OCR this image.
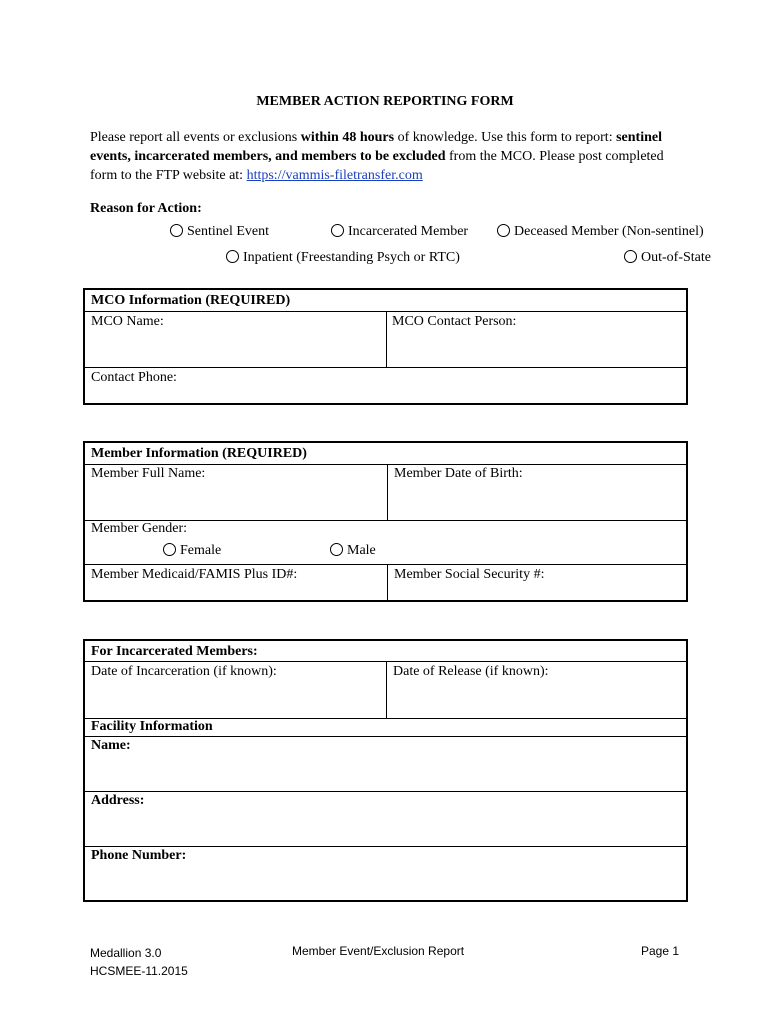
MEMBER ACTION REPORTING FORM
Please report all events or exclusions within 48 hours of knowledge. Use this form to report: sentinel events, incarcerated members, and members to be excluded from the MCO. Please post completed form to the FTP website at: https://vammis-filetransfer.com
Reason for Action:
Sentinel Event	Incarcerated Member	Deceased Member (Non-sentinel)
Inpatient (Freestanding Psych or RTC)	Out-of-State
MCO Information (REQUIRED)
MCO Name:	MCO Contact Person:
Contact Phone:
Member Information (REQUIRED)
Member Full Name:	Member Date of Birth:
Member Gender:
Female	Male
Member Medicaid/FAMIS Plus ID#:	Member Social Security #:
For Incarcerated Members:
Date of Incarceration (if known):	Date of Release (if known):
Facility Information
Name:
Address:
Phone Number:
Medallion 3.0
HCSMEE-11.2015
Member Event/Exclusion Report	Page 1
